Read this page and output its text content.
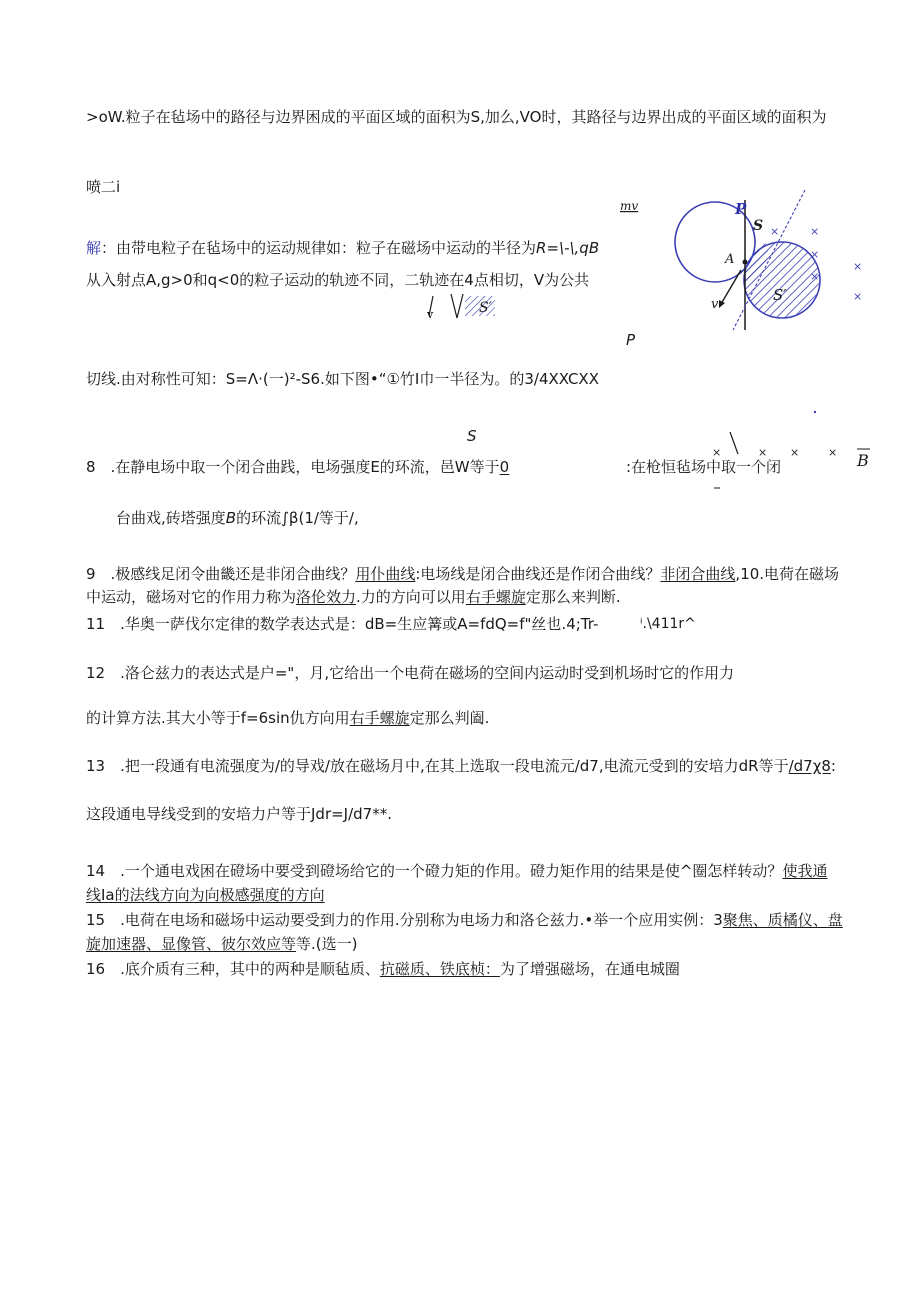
>oW.粒子在毡场中的路径与边界困成的平面区域的面积为S,加么,VO时，其路径与边界出成的平面区域的面积为
喷二i
解：由带电粒子在毡场中的运动规律如：粒子在磁场中运动的半径为R=\-\,qB
从入射点A,g>0和q<0的粒子运动的轨迹不同，二轨迹在4点相切，V为公共
切线.由对称性可知：S=Λ·(一)²-S6.如下图•“①竹I巾一半径为。的3/4XXCXX
v	S′
P
S
mv	P
S
A
v
S′
×	×
×
×
×
×
×	× ×	× B
8　.在静电场中取一个闭合曲践，电场强度E的环流，邑W等于0	:在枪恒毡场中取一个闭
台曲戏,砖塔强度B的环流∫β(1/等于/,
9　.极感线足闭令曲畿还是非闭合曲线？用仆曲线:电场线是闭合曲线还是作闭合曲线？非闭合曲线,10.电荷在磁场
中运动，磁场对它的作用力称为洛伦效力.力的方向可以用右手螺旋定那么来判断.
11　.华奥一萨伐尔定律的数学表达式是：dB=生应篝或A=fdQ=f"丝也.4;Tr-	ⁱ.\411r^
12　.洛仑兹力的表达式是户="，月,它给出一个电荷在磁场的空间内运动时受到机场时它的作用力
的计算方法.其大小等于f=6sin仇方向用右手螺旋定那么判阖.
13　.把一段通有电流强度为/的导戏/放在磁场月中,在其上选取一段电流元/d7,电流元受到的安培力dR等于/d7χ8:
这段通电导线受到的安培力户等于Jdr=J/d7**.
14　.一个通电戏困在磴场中要受到磴场给它的一个磴力矩的作用。磴力矩作用的结果是使^圈怎样转动？使我通
线Ia的法线方向为向极感强度的方向
15　.电荷在电场和磁场中运动要受到力的作用.分别称为电场力和洛仑兹力.•举一个应用实例：3聚焦、质橘仪、盘
旋加速器、显像管、彼尔效应等等.(选一)
16　.底介质有三种，其中的两种是顺毡质、抗磁质、铁底桢：为了增强磁场，在通电城圈
